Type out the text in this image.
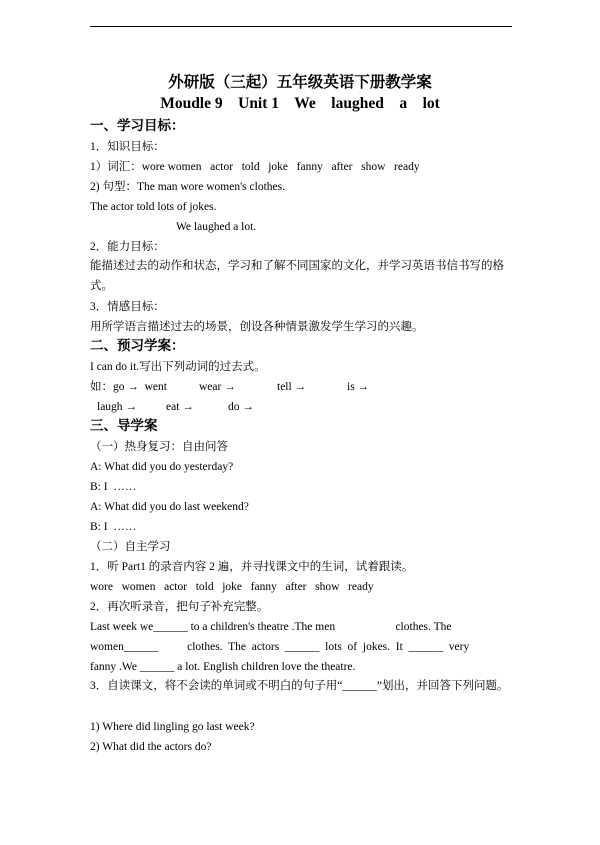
外研版（三起）五年级英语下册教学案
Moudle 9    Unit 1    We    laughed    a    lot
一、学习目标：
1．知识目标：
1）词汇：wore women   actor   told   joke   fanny   after   show   ready
2) 句型：The man wore women's clothes.
The actor told lots of jokes.
We laughed a lot.
2．能力目标：
能描述过去的动作和状态，学习和了解不同国家的文化，并学习英语书信书写的格式。
3．情感目标：
用所学语言描述过去的场景，创设各种情景激发学生学习的兴趣。
二、预习学案：
I can do it.写出下列动词的过去式。
如：go →  went	wear →	tell →	is →
laugh →	eat →	do →
三、导学案
（一）热身复习：自由问答
A: What did you do yesterday?
B: I  ……
A: What did you do last weekend?
B: I  ……
（二）自主学习
1．听 Part1 的录音内容 2 遍，并寻找课文中的生词，试着跟读。
wore   women   actor   told   joke   fanny   after   show   ready
2．再次听录音，把句子补充完整。
Last week we______ to a children's theatre .The men                     clothes. The
women______          clothes.  The  actors  ______  lots  of  jokes.  It  ______  very
fanny .We ______ a lot. English children love the theatre.
3．自读课文，将不会读的单词或不明白的句子用“______”划出，并回答下列问题。
1) Where did lingling go last week?
2) What did the actors do?
